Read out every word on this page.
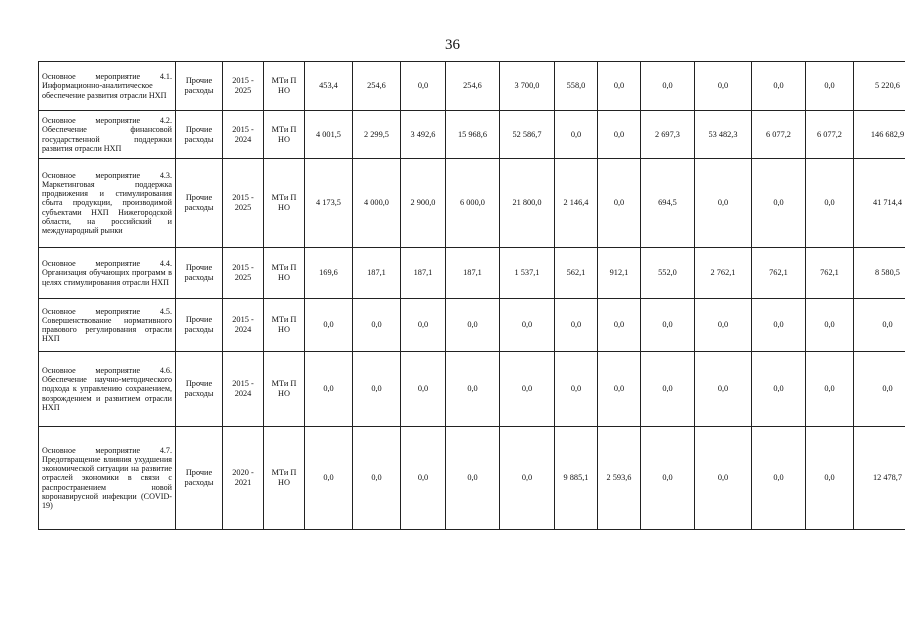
36
Основное мероприятие 4.1. Информационно-аналитическое обеспечение развития отрасли НХП	Прочие расходы	2015 - 2025	МТи П НО	453,4	254,6	0,0	254,6	3 700,0	558,0	0,0	0,0	0,0	0,0	0,0	5 220,6
Основное мероприятие 4.2. Обеспечение финансовой государственной поддержки развития отрасли НХП	Прочие расходы	2015 - 2024	МТи П НО	4 001,5	2 299,5	3 492,6	15 968,6	52 586,7	0,0	0,0	2 697,3	53 482,3	6 077,2	6 077,2	146 682,9
Основное мероприятие 4.3. Маркетинговая поддержка продвижения и стимулирования сбыта продукции, производимой субъектами НХП Нижегородской области, на российский и международный рынки	Прочие расходы	2015 - 2025	МТи П НО	4 173,5	4 000,0	2 900,0	6 000,0	21 800,0	2 146,4	0,0	694,5	0,0	0,0	0,0	41 714,4
Основное мероприятие 4.4. Организация обучающих программ в целях стимулирования отрасли НХП	Прочие расходы	2015 - 2025	МТи П НО	169,6	187,1	187,1	187,1	1 537,1	562,1	912,1	552,0	2 762,1	762,1	762,1	8 580,5
Основное мероприятие 4.5. Совершенствование нормативного правового регулирования отрасли НХП	Прочие расходы	2015 - 2024	МТи П НО	0,0	0,0	0,0	0,0	0,0	0,0	0,0	0,0	0,0	0,0	0,0	0,0
Основное мероприятие 4.6. Обеспечение научно-методического подхода к управлению сохранением, возрождением и развитием отрасли НХП	Прочие расходы	2015 - 2024	МТи П НО	0,0	0,0	0,0	0,0	0,0	0,0	0,0	0,0	0,0	0,0	0,0	0,0
Основное мероприятие 4.7. Предотвращение влияния ухудшения экономической ситуации на развитие отраслей экономики в связи с распространением новой коронавирусной инфекции (COVID-19)	Прочие расходы	2020 - 2021	МТи П НО	0,0	0,0	0,0	0,0	0,0	9 885,1	2 593,6	0,0	0,0	0,0	0,0	12 478,7
